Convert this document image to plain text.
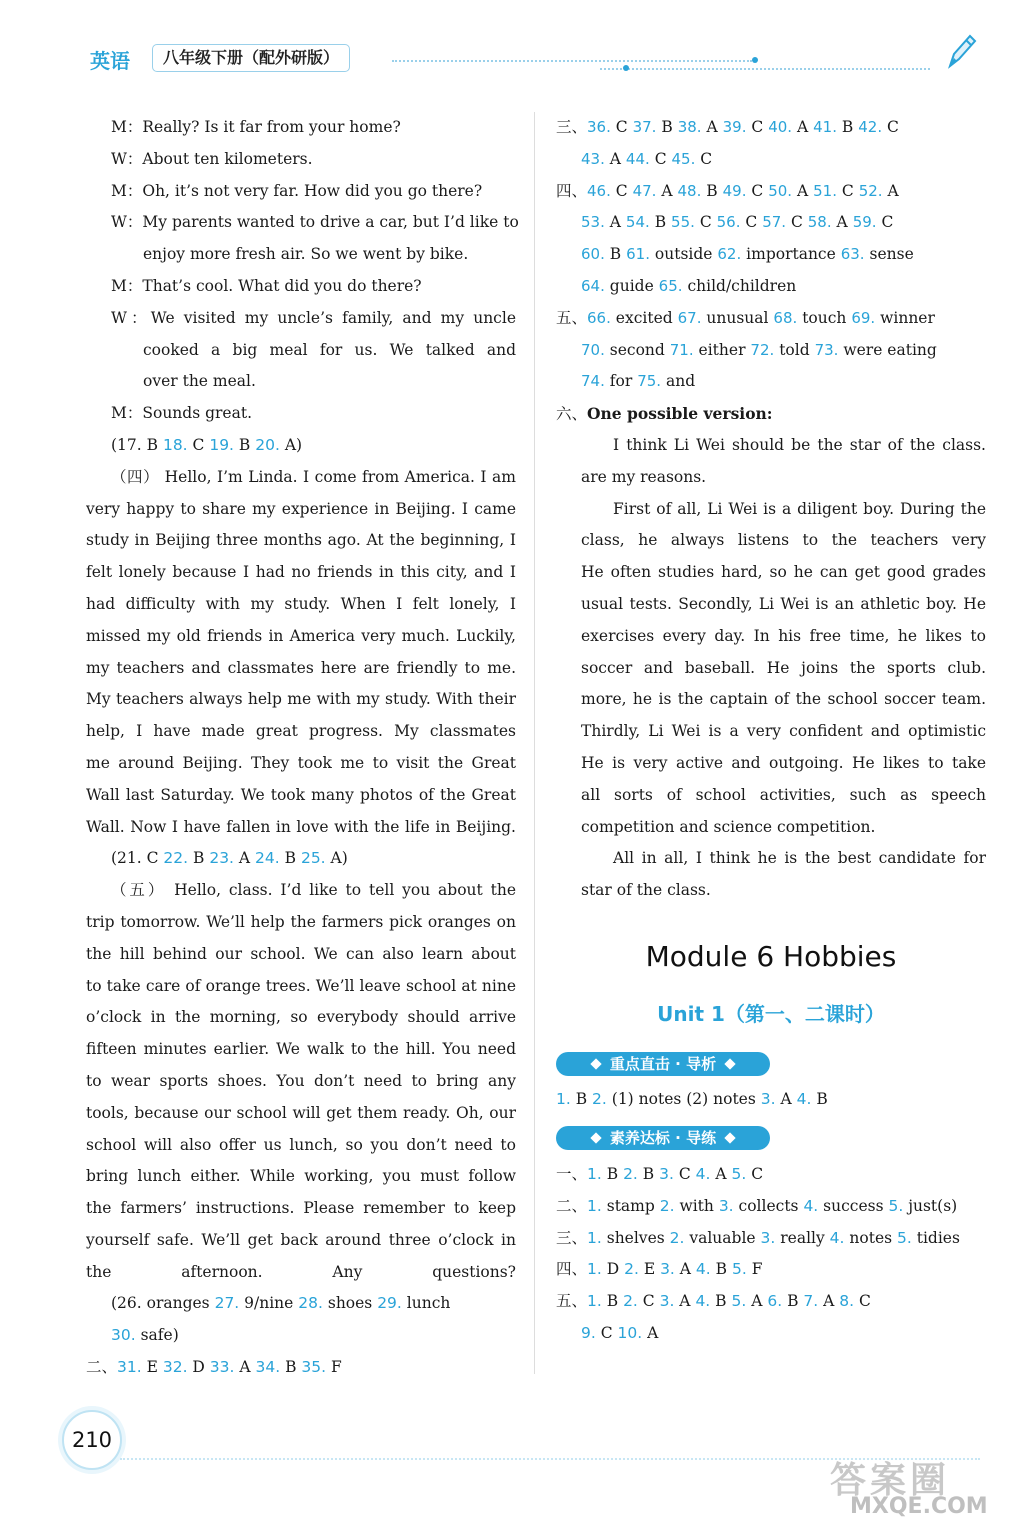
英语	八年级下册（配外研版）
M：Really? Is it far from your home?
W：About ten kilometers.
M：Oh, it’s not very far. How did you go there?
W：My parents wanted to drive a car, but I’d like to
enjoy more fresh air. So we went by bike.
M：That’s cool. What did you do there?
W：We visited my uncle’s family, and my uncle
cooked a big meal for us. We talked and
over the meal.
M：Sounds great.
(17. B 18. C 19. B 20. A)
（四） Hello, I’m Linda. I come from America. I am
very happy to share my experience in Beijing. I came
study in Beijing three months ago. At the beginning, I
felt lonely because I had no friends in this city, and I
had difficulty with my study. When I felt lonely, I
missed my old friends in America very much. Luckily,
my teachers and classmates here are friendly to me.
My teachers always help me with my study. With their
help, I have made great progress. My classmates
me around Beijing. They took me to visit the Great
Wall last Saturday. We took many photos of the Great
Wall. Now I have fallen in love with the life in Beijing.
(21. C 22. B 23. A 24. B 25. A)
（五） Hello, class. I’d like to tell you about the
trip tomorrow. We’ll help the farmers pick oranges on
the hill behind our school. We can also learn about
to take care of orange trees. We’ll leave school at nine
o’clock in the morning, so everybody should arrive
fifteen minutes earlier. We walk to the hill. You need
to wear sports shoes. You don’t need to bring any
tools, because our school will get them ready. Oh, our
school will also offer us lunch, so you don’t need to
bring lunch either. While working, you must follow
the farmers’ instructions. Please remember to keep
yourself safe. We’ll get back around three o’clock in
the afternoon. Any questions?
(26. oranges 27. 9/nine 28. shoes 29. lunch
30. safe)
二、31. E 32. D 33. A 34. B 35. F
三、36. C 37. B 38. A 39. C 40. A 41. B 42. C
43. A 44. C 45. C
四、46. C 47. A 48. B 49. C 50. A 51. C 52. A
53. A 54. B 55. C 56. C 57. C 58. A 59. C
60. B 61. outside 62. importance 63. sense
64. guide 65. child/children
五、66. excited 67. unusual 68. touch 69. winner
70. second 71. either 72. told 73. were eating
74. for 75. and
六、One possible version:
I think Li Wei should be the star of the class.
are my reasons.
First of all, Li Wei is a diligent boy. During the
class, he always listens to the teachers very
He often studies hard, so he can get good grades
usual tests. Secondly, Li Wei is an athletic boy. He
exercises every day. In his free time, he likes to
soccer and baseball. He joins the sports club.
more, he is the captain of the school soccer team.
Thirdly, Li Wei is a very confident and optimistic
He is very active and outgoing. He likes to take
all sorts of school activities, such as speech
competition and science competition.
All in all, I think he is the best candidate for
star of the class.
Module 6 Hobbies
Unit 1（第一、二课时）
重点直击 · 导析
1. B 2. (1) notes (2) notes 3. A 4. B
素养达标 · 导练
一、1. B 2. B 3. C 4. A 5. C
二、1. stamp 2. with 3. collects 4. success 5. just(s)
三、1. shelves 2. valuable 3. really 4. notes 5. tidies
四、1. D 2. E 3. A 4. B 5. F
五、1. B 2. C 3. A 4. B 5. A 6. B 7. A 8. C
9. C 10. A
210
答案圈
MXQE.COM
